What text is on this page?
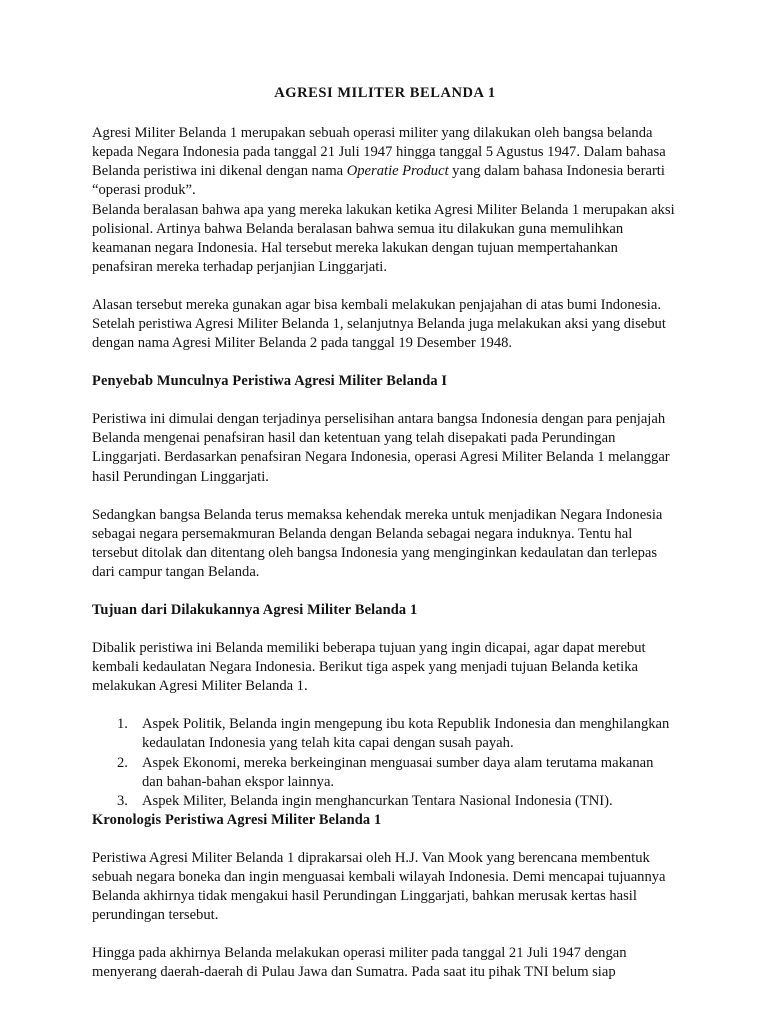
AGRESI MILITER BELANDA 1

Agresi Militer Belanda 1 merupakan sebuah operasi militer yang dilakukan oleh bangsa belanda kepada Negara Indonesia pada tanggal 21 Juli 1947 hingga tanggal 5 Agustus 1947. Dalam bahasa Belanda peristiwa ini dikenal dengan nama Operatie Product yang dalam bahasa Indonesia berarti “operasi produk”.

Belanda beralasan bahwa apa yang mereka lakukan ketika Agresi Militer Belanda 1 merupakan aksi polisional. Artinya bahwa Belanda beralasan bahwa semua itu dilakukan guna memulihkan keamanan negara Indonesia. Hal tersebut mereka lakukan dengan tujuan mempertahankan penafsiran mereka terhadap perjanjian Linggarjati.

Alasan tersebut mereka gunakan agar bisa kembali melakukan penjajahan di atas bumi Indonesia. Setelah peristiwa Agresi Militer Belanda 1, selanjutnya Belanda juga melakukan aksi yang disebut dengan nama Agresi Militer Belanda 2 pada tanggal 19 Desember 1948.

Penyebab Munculnya Peristiwa Agresi Militer Belanda I

Peristiwa ini dimulai dengan terjadinya perselisihan antara bangsa Indonesia dengan para penjajah Belanda mengenai penafsiran hasil dan ketentuan yang telah disepakati pada Perundingan Linggarjati. Berdasarkan penafsiran Negara Indonesia, operasi Agresi Militer Belanda 1 melanggar hasil Perundingan Linggarjati.

Sedangkan bangsa Belanda terus memaksa kehendak mereka untuk menjadikan Negara Indonesia sebagai negara persemakmuran Belanda dengan Belanda sebagai negara induknya. Tentu hal tersebut ditolak dan ditentang oleh bangsa Indonesia yang menginginkan kedaulatan dan terlepas dari campur tangan Belanda.

Tujuan dari Dilakukannya Agresi Militer Belanda 1

Dibalik peristiwa ini Belanda memiliki beberapa tujuan yang ingin dicapai, agar dapat merebut kembali kedaulatan Negara Indonesia. Berikut tiga aspek yang menjadi tujuan Belanda ketika melakukan Agresi Militer Belanda 1.

1. Aspek Politik, Belanda ingin mengepung ibu kota Republik Indonesia dan menghilangkan kedaulatan Indonesia yang telah kita capai dengan susah payah.
2. Aspek Ekonomi, mereka berkeinginan menguasai sumber daya alam terutama makanan dan bahan-bahan ekspor lainnya.
3. Aspek Militer, Belanda ingin menghancurkan Tentara Nasional Indonesia (TNI).
Kronologis Peristiwa Agresi Militer Belanda 1

Peristiwa Agresi Militer Belanda 1 diprakarsai oleh H.J. Van Mook yang berencana membentuk sebuah negara boneka dan ingin menguasai kembali wilayah Indonesia. Demi mencapai tujuannya Belanda akhirnya tidak mengakui hasil Perundingan Linggarjati, bahkan merusak kertas hasil perundingan tersebut.

Hingga pada akhirnya Belanda melakukan operasi militer pada tanggal 21 Juli 1947 dengan menyerang daerah-daerah di Pulau Jawa dan Sumatra. Pada saat itu pihak TNI belum siap
